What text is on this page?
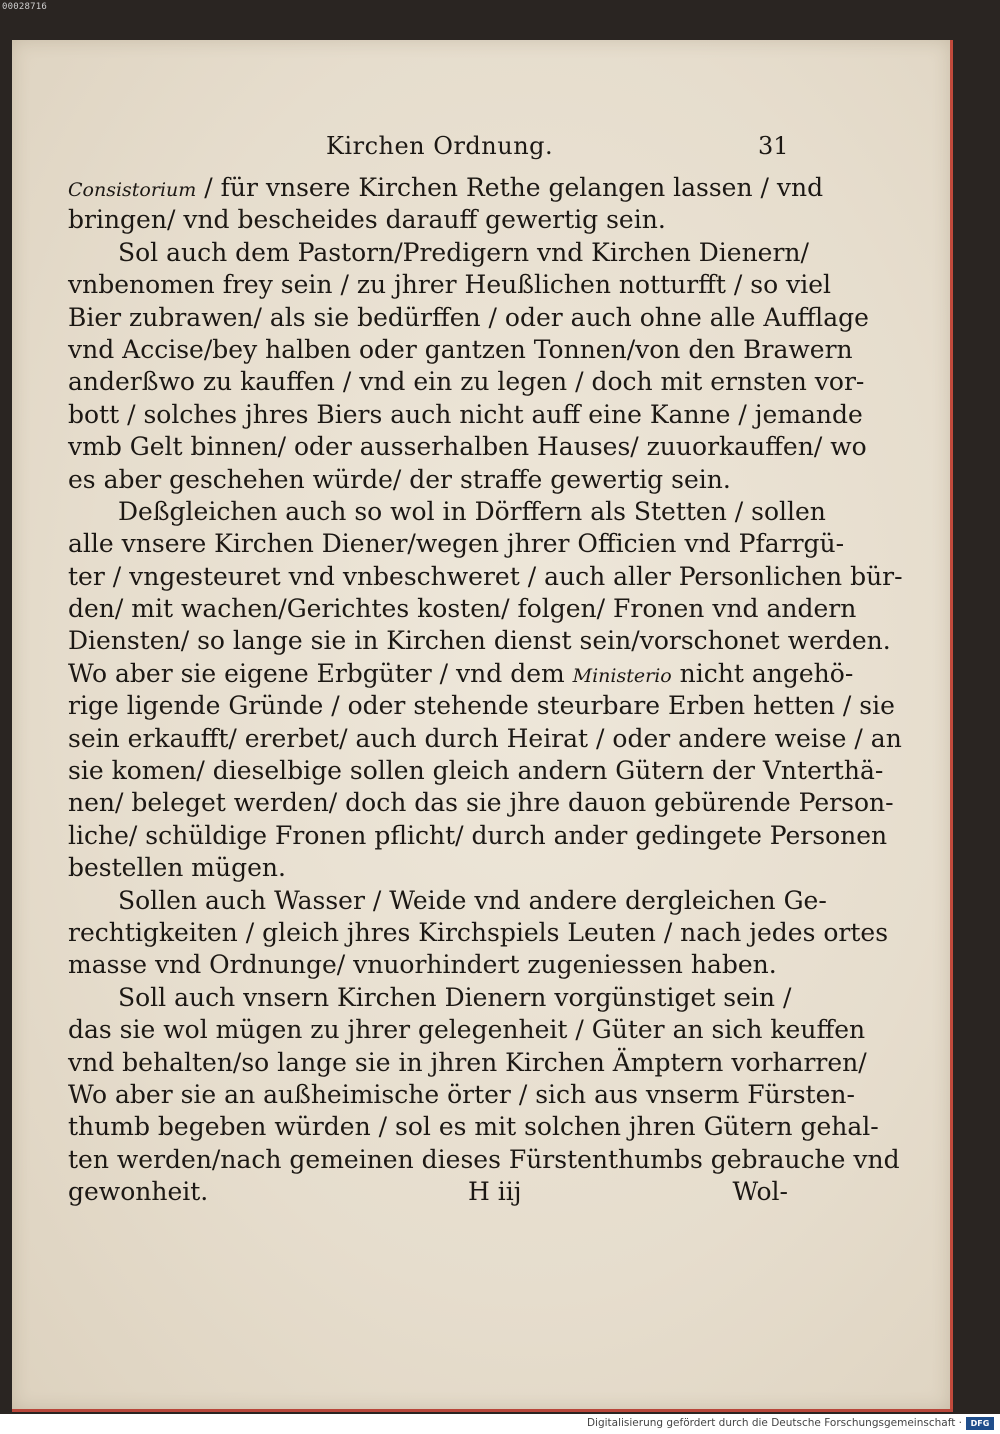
00028716
Kirchen Ordnung.	31
Consistorium / für vnsere Kirchen Rethe gelangen lassen / vnd
bringen/ vnd bescheides darauff gewertig sein.
Sol auch dem Pastorn/Predigern vnd Kirchen Dienern/
vnbenomen frey sein / zu jhrer Heußlichen notturfft / so viel
Bier zubrawen/ als sie bedürffen / oder auch ohne alle Aufflage
vnd Accise/bey halben oder gantzen Tonnen/von den Brawern
anderßwo zu kauffen / vnd ein zu legen / doch mit ernsten vor-
bott / solches jhres Biers auch nicht auff eine Kanne / jemande
vmb Gelt binnen/ oder ausserhalben Hauses/ zuuorkauffen/ wo
es aber geschehen würde/ der straffe gewertig sein.
Deßgleichen auch so wol in Dörffern als Stetten / sollen
alle vnsere Kirchen Diener/wegen jhrer Officien vnd Pfarrgü-
ter / vngesteuret vnd vnbeschweret / auch aller Personlichen bür-
den/ mit wachen/Gerichtes kosten/ folgen/ Fronen vnd andern
Diensten/ so lange sie in Kirchen dienst sein/vorschonet werden.
Wo aber sie eigene Erbgüter / vnd dem Ministerio nicht angehö-
rige ligende Gründe / oder stehende steurbare Erben hetten / sie
sein erkaufft/ ererbet/ auch durch Heirat / oder andere weise / an
sie komen/ dieselbige sollen gleich andern Gütern der Vnterthä-
nen/ beleget werden/ doch das sie jhre dauon gebürende Person-
liche/ schüldige Fronen pflicht/ durch ander gedingete Personen
bestellen mügen.
Sollen auch Wasser / Weide vnd andere dergleichen Ge-
rechtigkeiten / gleich jhres Kirchspiels Leuten / nach jedes ortes
masse vnd Ordnunge/ vnuorhindert zugeniessen haben.
Soll auch vnsern Kirchen Dienern vorgünstiget sein /
das sie wol mügen zu jhrer gelegenheit / Güter an sich keuffen
vnd behalten/so lange sie in jhren Kirchen Ämptern vorharren/
Wo aber sie an außheimische örter / sich aus vnserm Fürsten-
thumb begeben würden / sol es mit solchen jhren Gütern gehal-
ten werden/nach gemeinen dieses Fürstenthumbs gebrauche vnd
gewonheit.	H iij	Wol-
Digitalisierung gefördert durch die Deutsche Forschungsgemeinschaft ·	DFG
